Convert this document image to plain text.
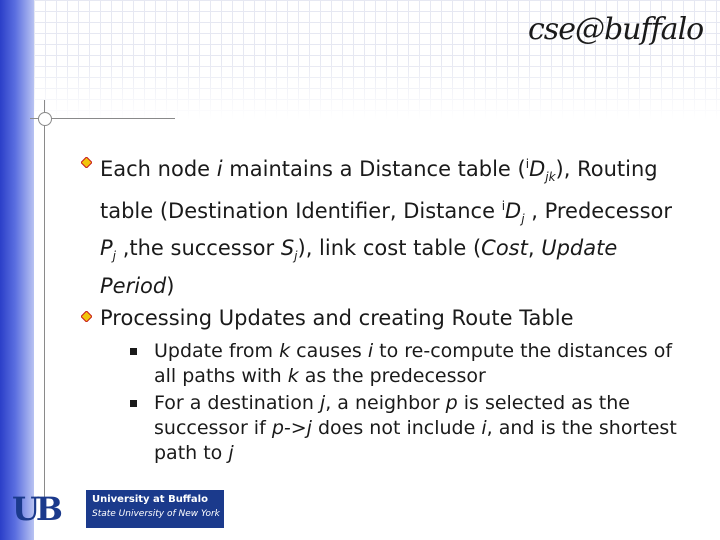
cse@buffalo
Each node i maintains a Distance table $(^iD_{jk})$, Routing table (Destination Identifier, Distance $^iD_j$ , Predecessor $P_j$ ,the successor $S_j$), link cost table (Cost, Update Period)
Processing Updates and creating Route Table
Update from k causes i to re-compute the distances of all paths with k as the predecessor
For a destination j, a neighbor p is selected as the successor if p->j does not include i, and is the shortest path to j
UB	University at Buffalo
State University of New York
